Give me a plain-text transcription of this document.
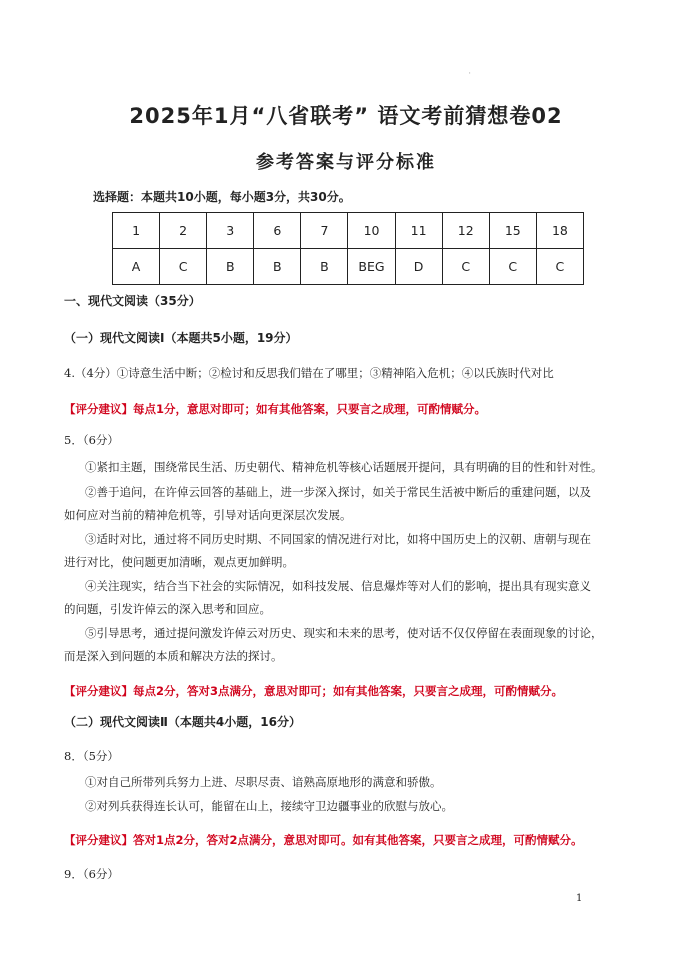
'
2025年1月“八省联考” 语文考前猜想卷02
参考答案与评分标准
选择题：本题共10小题，每小题3分，共30分。
1	2	3	6	7	10	11	12	15	18
A	C	B	B	B	BEG	D	C	C	C
一、现代文阅读（35分）
（一）现代文阅读Ⅰ（本题共5小题，19分）
4.（4分）①诗意生活中断；②检讨和反思我们错在了哪里；③精神陷入危机；④以氏族时代对比
【评分建议】每点1分，意思对即可；如有其他答案，只要言之成理，可酌情赋分。
5．（6分）
①紧扣主题，围绕常民生活、历史朝代、精神危机等核心话题展开提问，具有明确的目的性和针对性。
②善于追问，在许倬云回答的基础上，进一步深入探讨，如关于常民生活被中断后的重建问题，以及
如何应对当前的精神危机等，引导对话向更深层次发展。
③适时对比，通过将不同历史时期、不同国家的情况进行对比，如将中国历史上的汉朝、唐朝与现在
进行对比，使问题更加清晰，观点更加鲜明。
④关注现实，结合当下社会的实际情况，如科技发展、信息爆炸等对人们的影响，提出具有现实意义
的问题，引发许倬云的深入思考和回应。
⑤引导思考，通过提问激发许倬云对历史、现实和未来的思考，使对话不仅仅停留在表面现象的讨论，
而是深入到问题的本质和解决方法的探讨。
【评分建议】每点2分，答对3点满分，意思对即可；如有其他答案，只要言之成理，可酌情赋分。
（二）现代文阅读Ⅱ（本题共4小题，16分）
8．（5分）
①对自己所带列兵努力上进、尽职尽责、谙熟高原地形的满意和骄傲。
②对列兵获得连长认可，能留在山上，接续守卫边疆事业的欣慰与放心。
【评分建议】答对1点2分，答对2点满分，意思对即可。如有其他答案，只要言之成理，可酌情赋分。
9．（6分）
1
